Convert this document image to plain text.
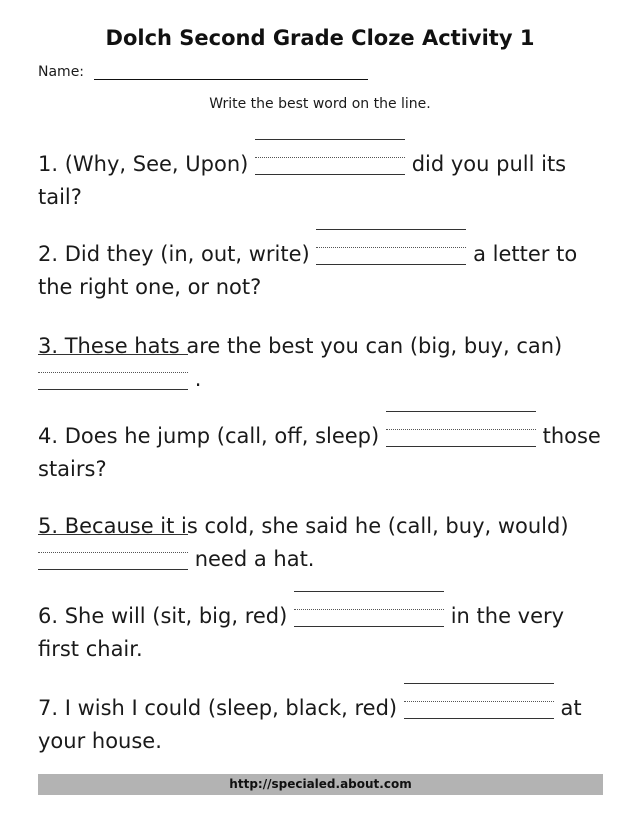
Dolch Second Grade Cloze Activity 1
Name:
Write the best word on the line.
1. (Why, See, Upon)	did you pull its tail?
2. Did they (in, out, write)	a letter to the right one, or not?
3. These hats are the best you can (big, buy, can)
.
4. Does he jump (call, off, sleep)	those stairs?
5. Because it is cold, she said he (call, buy, would)
need a hat.
6. She will (sit, big, red)	in the very first chair.
7. I wish I could (sleep, black, red)	at your house.
http://specialed.about.com
